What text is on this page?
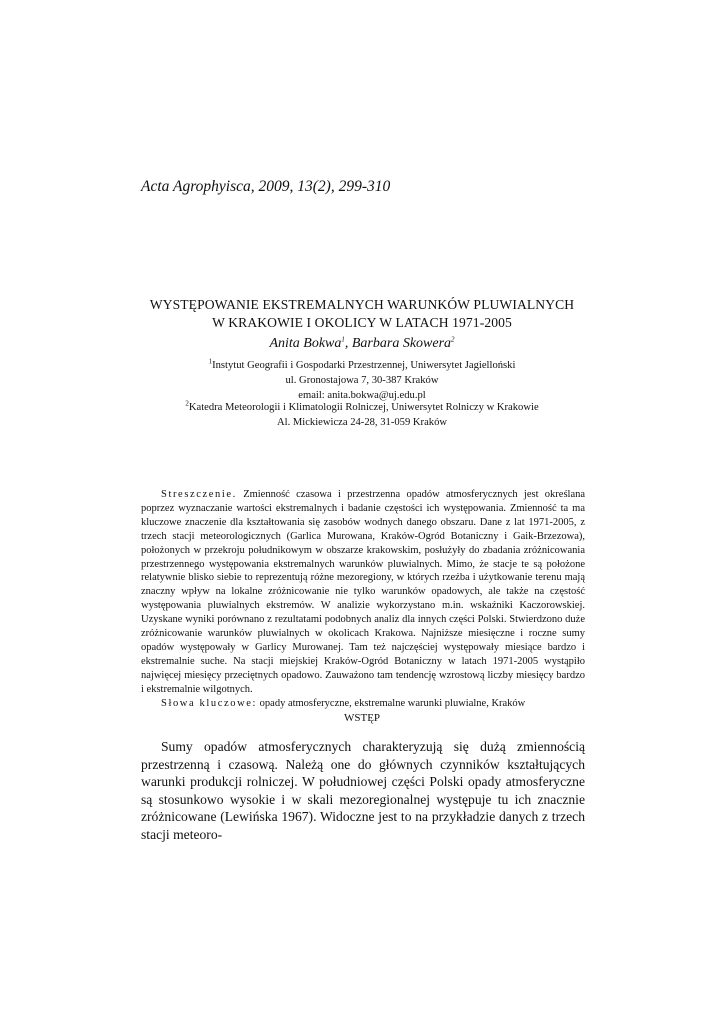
Acta Agrophyisca, 2009, 13(2), 299-310
WYSTĘPOWANIE EKSTREMALNYCH WARUNKÓW PLUWIALNYCH
W KRAKOWIE I OKOLICY W LATACH 1971-2005
Anita Bokwa$^1$, Barbara Skowera$^2$
$^1$Instytut Geografii i Gospodarki Przestrzennej, Uniwersytet Jagielloński
ul. Gronostajowa 7, 30-387 Kraków
email: anita.bokwa@uj.edu.pl
$^2$Katedra Meteorologii i Klimatologii Rolniczej, Uniwersytet Rolniczy w Krakowie
Al. Mickiewicza 24-28, 31-059 Kraków

Streszczenie. Zmienność czasowa i przestrzenna opadów atmosferycznych jest określana poprzez wyznaczanie wartości ekstremalnych i badanie częstości ich występowania. Zmienność ta ma kluczowe znaczenie dla kształtowania się zasobów wodnych danego obszaru. Dane z lat 1971-2005, z trzech stacji meteorologicznych (Garlica Murowana, Kraków-Ogród Botaniczny i Gaik-Brzezowa), położonych w przekroju południkowym w obszarze krakowskim, posłużyły do zbadania zróżnicowania przestrzennego występowania ekstremalnych warunków pluwialnych. Mimo, że stacje te są położone relatywnie blisko siebie to reprezentują różne mezoregiony, w których rzeźba i użytkowanie terenu mają znaczny wpływ na lokalne zróżnicowanie nie tylko warunków opadowych, ale także na częstość występowania pluwialnych ekstremów. W analizie wykorzystano m.in. wskaźniki Kaczorowskiej. Uzyskane wyniki porównano z rezultatami podobnych analiz dla innych części Polski. Stwierdzono duże zróżnicowanie warunków pluwialnych w okolicach Krakowa. Najniższe miesięczne i roczne sumy opadów występowały w Garlicy Murowanej. Tam też najczęściej występowały miesiące bardzo i ekstremalnie suche. Na stacji miejskiej Kraków-Ogród Botaniczny w latach 1971-2005 wystąpiło najwięcej miesięcy przeciętnych opadowo. Zauważono tam tendencję wzrostową liczby miesięcy bardzo i ekstremalnie wilgotnych.

Słowa kluczowe: opady atmosferyczne, ekstremalne warunki pluwialne, Kraków

WSTĘP

Sumy opadów atmosferycznych charakteryzują się dużą zmiennością przestrzenną i czasową. Należą one do głównych czynników kształtujących warunki produkcji rolniczej. W południowej części Polski opady atmosferyczne są stosunkowo wysokie i w skali mezoregionalnej występuje tu ich znacznie zróżnicowane (Lewińska 1967). Widoczne jest to na przykładzie danych z trzech stacji meteoro-
